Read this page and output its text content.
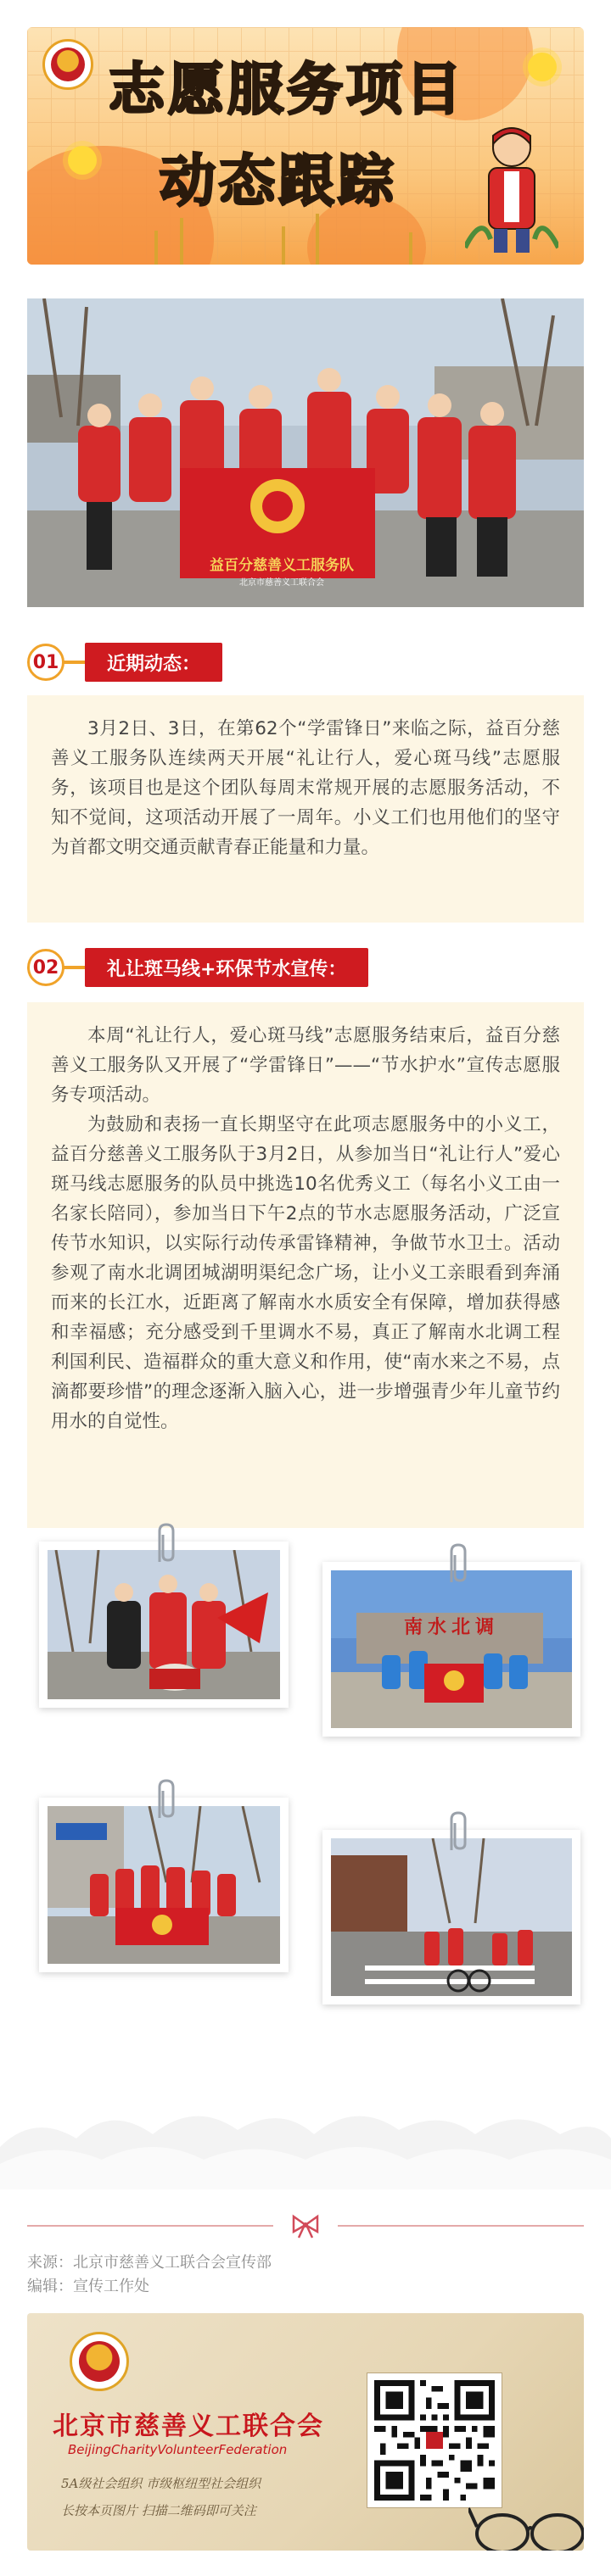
志愿服务项目
动态跟踪
益百分慈善义工服务队
北京市慈善义工联合会
01	近期动态：

3月2日、3日，在第62个“学雷锋日”来临之际，益百分慈善义工服务队连续两天开展“礼让行人，爱心斑马线”志愿服务，该项目也是这个团队每周末常规开展的志愿服务活动，不知不觉间，这项活动开展了一周年。小义工们也用他们的坚守为首都文明交通贡献青春正能量和力量。

02	礼让斑马线+环保节水宣传：

本周“礼让行人，爱心斑马线”志愿服务结束后，益百分慈善义工服务队又开展了“学雷锋日”——“节水护水”宣传志愿服务专项活动。

为鼓励和表扬一直长期坚守在此项志愿服务中的小义工，益百分慈善义工服务队于3月2日，从参加当日“礼让行人”爱心斑马线志愿服务的队员中挑选10名优秀义工（每名小义工由一名家长陪同），参加当日下午2点的节水志愿服务活动，广泛宣传节水知识，以实际行动传承雷锋精神，争做节水卫士。活动参观了南水北调团城湖明渠纪念广场，让小义工亲眼看到奔涌而来的长江水，近距离了解南水水质安全有保障，增加获得感和幸福感；充分感受到千里调水不易，真正了解南水北调工程利国利民、造福群众的重大意义和作用，使“南水来之不易，点滴都要珍惜”的理念逐渐入脑入心，进一步增强青少年儿童节约用水的自觉性。

南水北调
来源：北京市慈善义工联合会宣传部
编辑：宣传工作处
北京市慈善义工联合会
BeijingCharityVolunteerFederation
5A级社会组织 市级枢纽型社会组织
长按本页图片 扫描二维码即可关注
